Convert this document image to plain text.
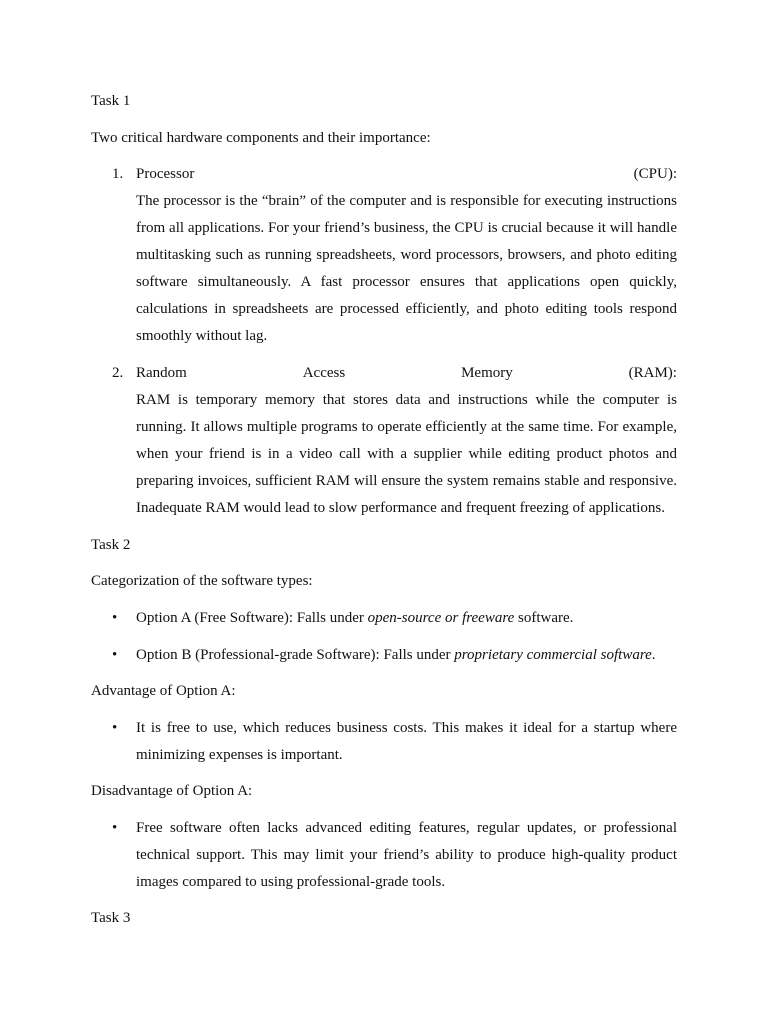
Task 1

Two critical hardware components and their importance:

1. Processor	(CPU):

The processor is the “brain” of the computer and is responsible for executing instructions from all applications. For your friend’s business, the CPU is crucial because it will handle multitasking such as running spreadsheets, word processors, browsers, and photo editing software simultaneously. A fast processor ensures that applications open quickly, calculations in spreadsheets are processed efficiently, and photo editing tools respond smoothly without lag.

2. Random	Access	Memory	(RAM):

RAM is temporary memory that stores data and instructions while the computer is running. It allows multiple programs to operate efficiently at the same time. For example, when your friend is in a video call with a supplier while editing product photos and preparing invoices, sufficient RAM will ensure the system remains stable and responsive. Inadequate RAM would lead to slow performance and frequent freezing of applications.

Task 2

Categorization of the software types:

• Option A (Free Software): Falls under open-source or freeware software.
• Option B (Professional-grade Software): Falls under proprietary commercial software.

Advantage of Option A:

• It is free to use, which reduces business costs. This makes it ideal for a startup where minimizing expenses is important.

Disadvantage of Option A:

• Free software often lacks advanced editing features, regular updates, or professional technical support. This may limit your friend’s ability to produce high-quality product images compared to using professional-grade tools.

Task 3
